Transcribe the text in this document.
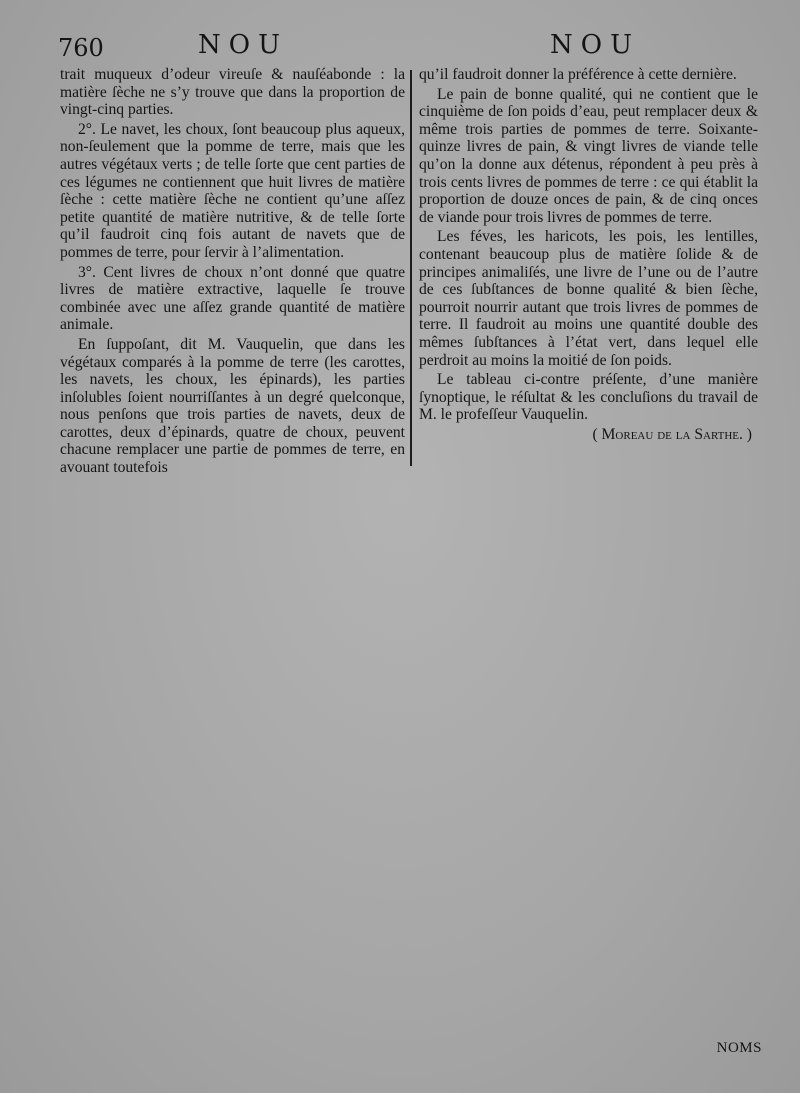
760	NOU	NOU

trait muqueux d’odeur vireuſe & nauſéabonde : la matière ſèche ne s’y trouve que dans la proportion de vingt-cinq parties.

2°. Le navet, les choux, ſont beaucoup plus aqueux, non-ſeulement que la pomme de terre, mais que les autres végétaux verts ; de telle ſorte que cent parties de ces légumes ne contiennent que huit livres de matière ſèche : cette matière ſèche ne contient qu’une aſſez petite quantité de matière nutritive, & de telle ſorte qu’il faudroit cinq fois autant de navets que de pommes de terre, pour ſervir à l’alimentation.

3°. Cent livres de choux n’ont donné que quatre livres de matière extractive, laquelle ſe trouve combinée avec une aſſez grande quantité de matière animale.

En ſuppoſant, dit M. Vauquelin, que dans les végétaux comparés à la pomme de terre (les carottes, les navets, les choux, les épinards), les parties inſolubles ſoient nourriſſantes à un degré quelconque, nous penſons que trois parties de navets, deux de carottes, deux d’épinards, quatre de choux, peuvent chacune remplacer une partie de pommes de terre, en avouant toutefois

qu’il faudroit donner la préférence à cette dernière.

Le pain de bonne qualité, qui ne contient que le cinquième de ſon poids d’eau, peut remplacer deux & même trois parties de pommes de terre. Soixante-quinze livres de pain, & vingt livres de viande telle qu’on la donne aux détenus, répondent à peu près à trois cents livres de pommes de terre : ce qui établit la proportion de douze onces de pain, & de cinq onces de viande pour trois livres de pommes de terre.

Les féves, les haricots, les pois, les lentilles, contenant beaucoup plus de matière ſolide & de principes animaliſés, une livre de l’une ou de l’autre de ces ſubſtances de bonne qualité & bien ſèche, pourroit nourrir autant que trois livres de pommes de terre. Il faudroit au moins une quantité double des mêmes ſubſtances à l’état vert, dans lequel elle perdroit au moins la moitié de ſon poids.

Le tableau ci-contre préſente, d’une manière ſynoptique, le réſultat & les concluſions du travail de M. le profeſſeur Vauquelin.

( Moreau de la Sarthe. )

NOMS
